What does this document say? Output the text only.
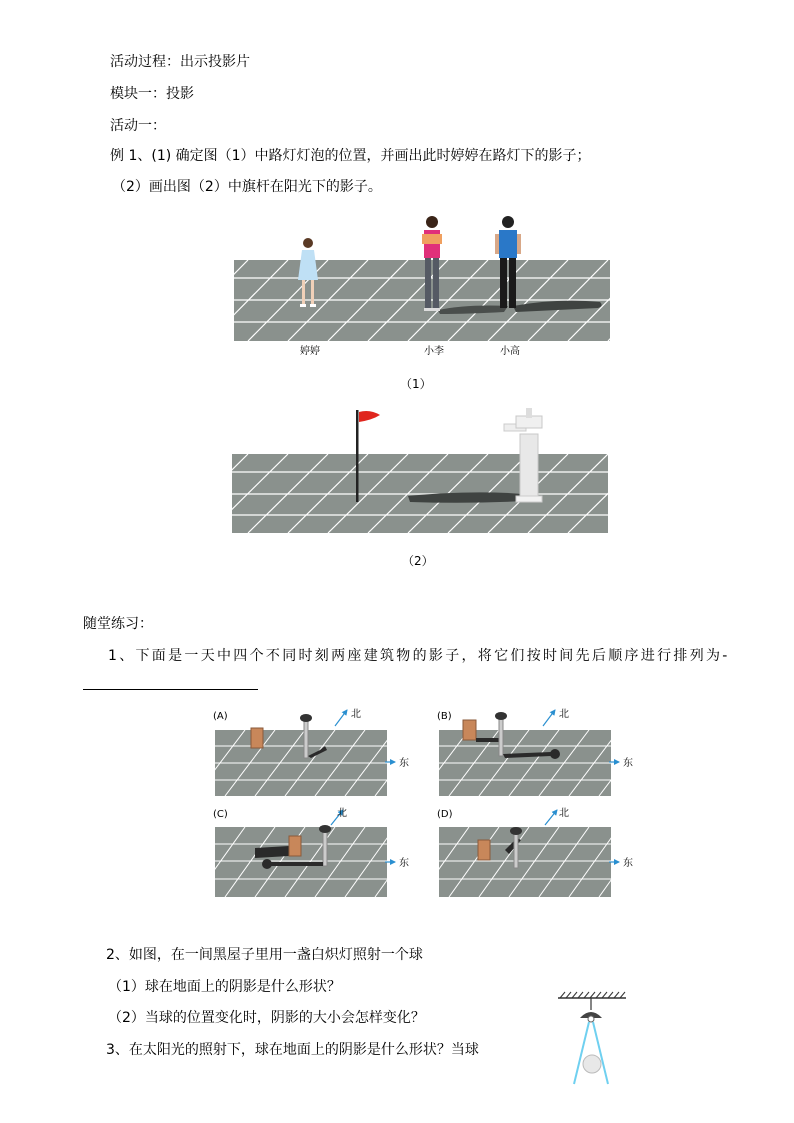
活动过程：出示投影片
模块一：投影
活动一：
例 1、(1) 确定图（1）中路灯灯泡的位置，并画出此时婷婷在路灯下的影子；
（2）画出图（2）中旗杆在阳光下的影子。
婷婷	小李	小高
（1）
（2）
随堂练习：
1、下面是一天中四个不同时刻两座建筑物的影子，将它们按时间先后顺序进行排列为-
(A)	北
东
(B)	北
东
(C)	北
东
(D)	北
东
2、如图，在一间黑屋子里用一盏白炽灯照射一个球
（1）球在地面上的阴影是什么形状？
（2）当球的位置变化时，阴影的大小会怎样变化？
3、在太阳光的照射下，球在地面上的阴影是什么形状？当球
